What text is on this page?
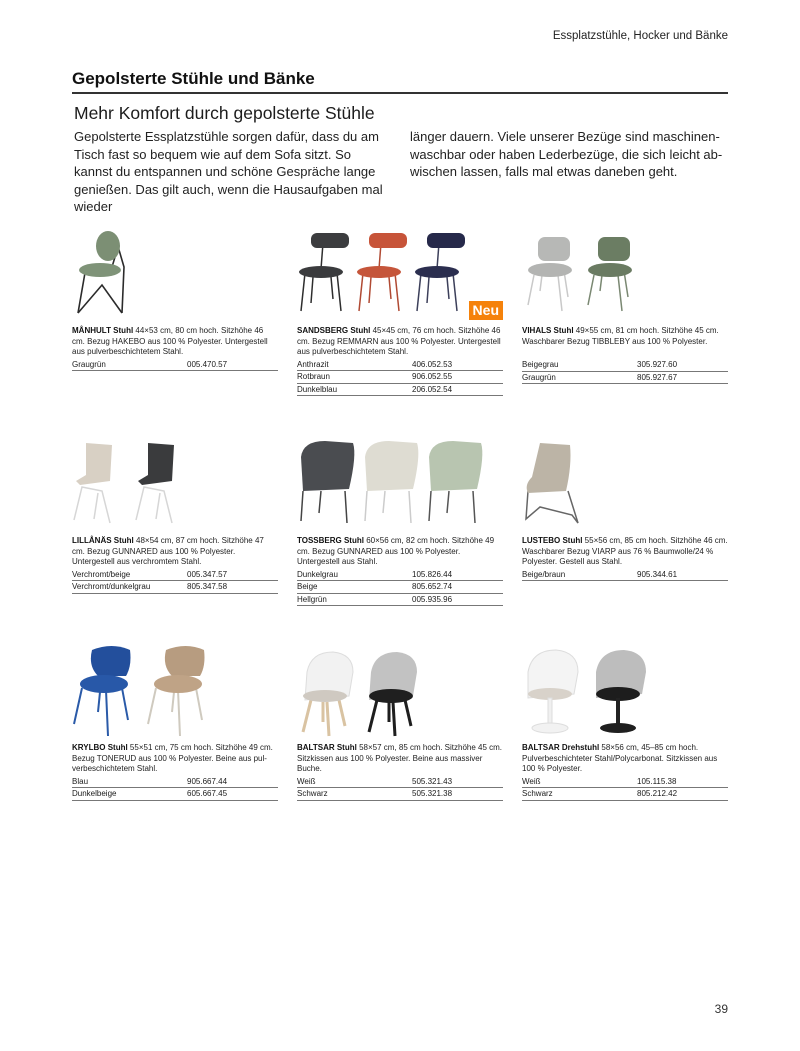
Essplatzstühle, Hocker und Bänke
Gepolsterte Stühle und Bänke
Mehr Komfort durch gepolsterte Stühle
Gepolsterte Essplatzstühle sorgen dafür, dass du am Tisch fast so bequem wie auf dem Sofa sitzt. So kannst du entspannen und schöne Gespräche lange genießen. Das gilt auch, wenn die Hausaufgaben mal wieder
länger dauern. Viele unserer Bezüge sind maschinenwaschbar oder haben Lederbezüge, die sich leicht abwischen lassen, falls mal etwas daneben geht.
MÅNHULT Stuhl 44×53 cm, 80 cm hoch. Sitzhöhe 46 cm. Bezug HAKEBO aus 100 % Polyester. Untergestell aus pulverbeschichtetem Stahl.
Graugrün	005.470.57
Neu
SANDSBERG Stuhl 45×45 cm, 76 cm hoch. Sitzhöhe 46 cm. Bezug REMMARN aus 100 % Polyester. Untergestell aus pulverbeschichtetem Stahl.
Anthrazit	406.052.53
Rotbraun	906.052.55
Dunkelblau	206.052.54
VIHALS Stuhl 49×55 cm, 81 cm hoch. Sitzhöhe 45 cm. Waschbarer Bezug TIBBLEBY aus 100 % Polyester.
Beigegrau	305.927.60
Graugrün	805.927.67
LILLÅNÄS Stuhl 48×54 cm, 87 cm hoch. Sitzhöhe 47 cm. Bezug GUNNARED aus 100 % Polyester. Untergestell aus verchromtem Stahl.
Verchromt/beige	005.347.57
Verchromt/dunkelgrau	805.347.58
TOSSBERG Stuhl 60×56 cm, 82 cm hoch. Sitzhöhe 49 cm. Bezug GUNNARED aus 100 % Polyester. Untergestell aus Stahl.
Dunkelgrau	105.826.44
Beige	805.652.74
Hellgrün	005.935.96
LUSTEBO Stuhl 55×56 cm, 85 cm hoch. Sitzhöhe 46 cm. Waschbarer Bezug VIARP aus 76 % Baumwolle/24 % Polyester. Gestell aus Stahl.
Beige/braun	905.344.61
KRYLBO Stuhl 55×51 cm, 75 cm hoch. Sitzhöhe 49 cm. Bezug TONERUD aus 100 % Polyester. Beine aus pulverbeschichtetem Stahl.
Blau	905.667.44
Dunkelbeige	605.667.45
BALTSAR Stuhl 58×57 cm, 85 cm hoch. Sitzhöhe 45 cm. Sitzkissen aus 100 % Polyester. Beine aus massiver Buche.
Weiß	505.321.43
Schwarz	505.321.38
BALTSAR Drehstuhl 58×56 cm, 45–85 cm hoch. Pulverbeschichteter Stahl/Polycarbonat. Sitzkissen aus 100 % Polyester.
Weiß	105.115.38
Schwarz	805.212.42
39
